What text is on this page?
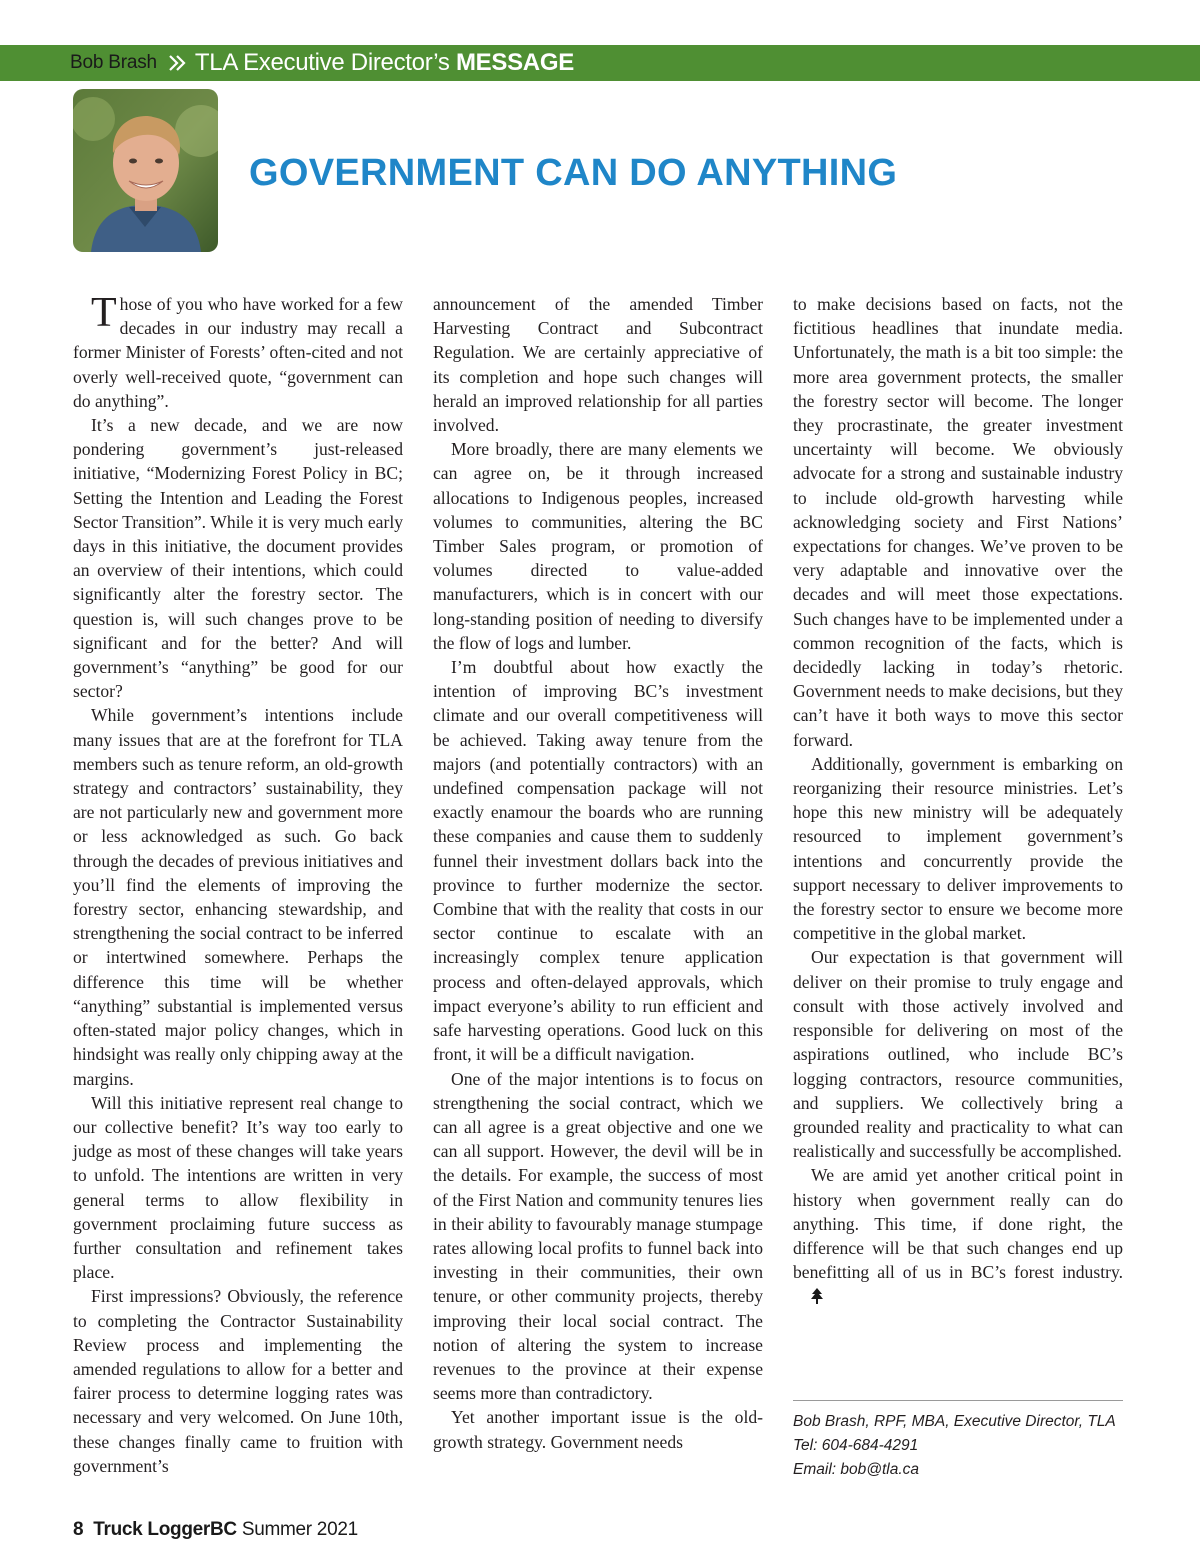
Bob Brash TLA Executive Director’s MESSAGE
GOVERNMENT CAN DO ANYTHING

Those of you who have worked for a few decades in our industry may recall a former Minister of Forests’ often-cited and not overly well-received quote, “government can do anything”.

It’s a new decade, and we are now pondering government’s just-released initiative, “Modernizing Forest Policy in BC; Setting the Intention and Leading the Forest Sector Transition”. While it is very much early days in this initiative, the document provides an overview of their intentions, which could significantly alter the forestry sector. The question is, will such changes prove to be significant and for the better? And will government’s “anything” be good for our sector?

While government’s intentions include many issues that are at the forefront for TLA members such as tenure reform, an old-growth strategy and contractors’ sustainability, they are not particularly new and government more or less acknowledged as such. Go back through the decades of previous initiatives and you’ll find the elements of improving the forestry sector, enhancing stewardship, and strengthening the social contract to be inferred or intertwined somewhere. Perhaps the difference this time will be whether “anything” substantial is implemented versus often-stated major policy changes, which in hindsight was really only chipping away at the margins.

Will this initiative represent real change to our collective benefit? It’s way too early to judge as most of these changes will take years to unfold. The intentions are written in very general terms to allow flexibility in government proclaiming future success as further consultation and refinement takes place.

First impressions? Obviously, the reference to completing the Contractor Sustainability Review process and implementing the amended regulations to allow for a better and fairer process to determine logging rates was necessary and very welcomed. On June 10th, these changes finally came to fruition with government’s

announcement of the amended Timber Harvesting Contract and Subcontract Regulation. We are certainly appreciative of its completion and hope such changes will herald an improved relationship for all parties involved.

More broadly, there are many elements we can agree on, be it through increased allocations to Indigenous peoples, increased volumes to communities, altering the BC Timber Sales program, or promotion of volumes directed to value-added manufacturers, which is in concert with our long-standing position of needing to diversify the flow of logs and lumber.

I’m doubtful about how exactly the intention of improving BC’s investment climate and our overall competitiveness will be achieved. Taking away tenure from the majors (and potentially contractors) with an undefined compensation package will not exactly enamour the boards who are running these companies and cause them to suddenly funnel their investment dollars back into the province to further modernize the sector. Combine that with the reality that costs in our sector continue to escalate with an increasingly complex tenure application process and often-delayed approvals, which impact everyone’s ability to run efficient and safe harvesting operations. Good luck on this front, it will be a difficult navigation.

One of the major intentions is to focus on strengthening the social contract, which we can all agree is a great objective and one we can all support. However, the devil will be in the details. For example, the success of most of the First Nation and community tenures lies in their ability to favourably manage stumpage rates allowing local profits to funnel back into investing in their communities, their own tenure, or other community projects, thereby improving their local social contract. The notion of altering the system to increase revenues to the province at their expense seems more than contradictory.

Yet another important issue is the old-growth strategy. Government needs

to make decisions based on facts, not the fictitious headlines that inundate media. Unfortunately, the math is a bit too simple: the more area government protects, the smaller the forestry sector will become. The longer they procrastinate, the greater investment uncertainty will become. We obviously advocate for a strong and sustainable industry to include old-growth harvesting while acknowledging society and First Nations’ expectations for changes. We’ve proven to be very adaptable and innovative over the decades and will meet those expectations. Such changes have to be implemented under a common recognition of the facts, which is decidedly lacking in today’s rhetoric. Government needs to make decisions, but they can’t have it both ways to move this sector forward.

Additionally, government is embarking on reorganizing their resource ministries. Let’s hope this new ministry will be adequately resourced to implement government’s intentions and concurrently provide the support necessary to deliver improvements to the forestry sector to ensure we become more competitive in the global market.

Our expectation is that government will deliver on their promise to truly engage and consult with those actively involved and responsible for delivering on most of the aspirations outlined, who include BC’s logging contractors, resource communities, and suppliers. We collectively bring a grounded reality and practicality to what can realistically and successfully be accomplished.

We are amid yet another critical point in history when government really can do anything. This time, if done right, the difference will be that such changes end up benefitting all of us in BC’s forest industry.

Bob Brash, RPF, MBA, Executive Director, TLA
Tel: 604-684-4291
Email: bob@tla.ca
8 Truck LoggerBC Summer 2021
